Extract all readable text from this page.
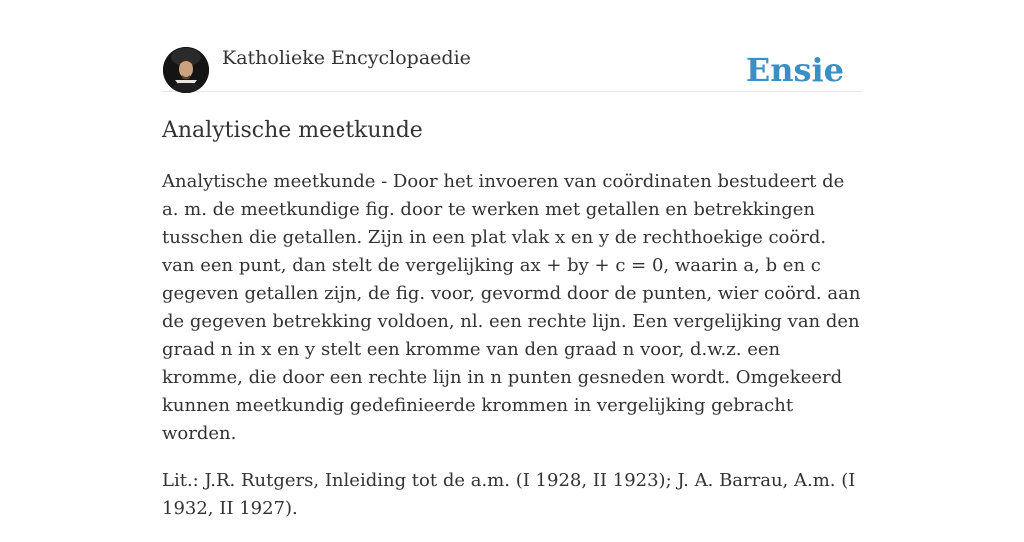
Katholieke Encyclopaedie	Ensie
Analytische meetkunde

Analytische meetkunde - Door het invoeren van coördinaten bestudeert de a. m. de meetkundige fig. door te werken met getallen en betrekkingen tusschen die getallen. Zijn in een plat vlak x en y de rechthoekige coörd. van een punt, dan stelt de vergelijking ax + by + c = 0, waarin a, b en c gegeven getallen zijn, de fig. voor, gevormd door de punten, wier coörd. aan de gegeven betrekking voldoen, nl. een rechte lijn. Een vergelijking van den graad n in x en y stelt een kromme van den graad n voor, d.w.z. een kromme, die door een rechte lijn in n punten gesneden wordt. Omgekeerd kunnen meetkundig gedefinieerde krommen in vergelijking gebracht worden.

Lit.: J.R. Rutgers, Inleiding tot de a.m. (I 1928, II 1923); J. A. Barrau, A.m. (I 1932, II 1927).
